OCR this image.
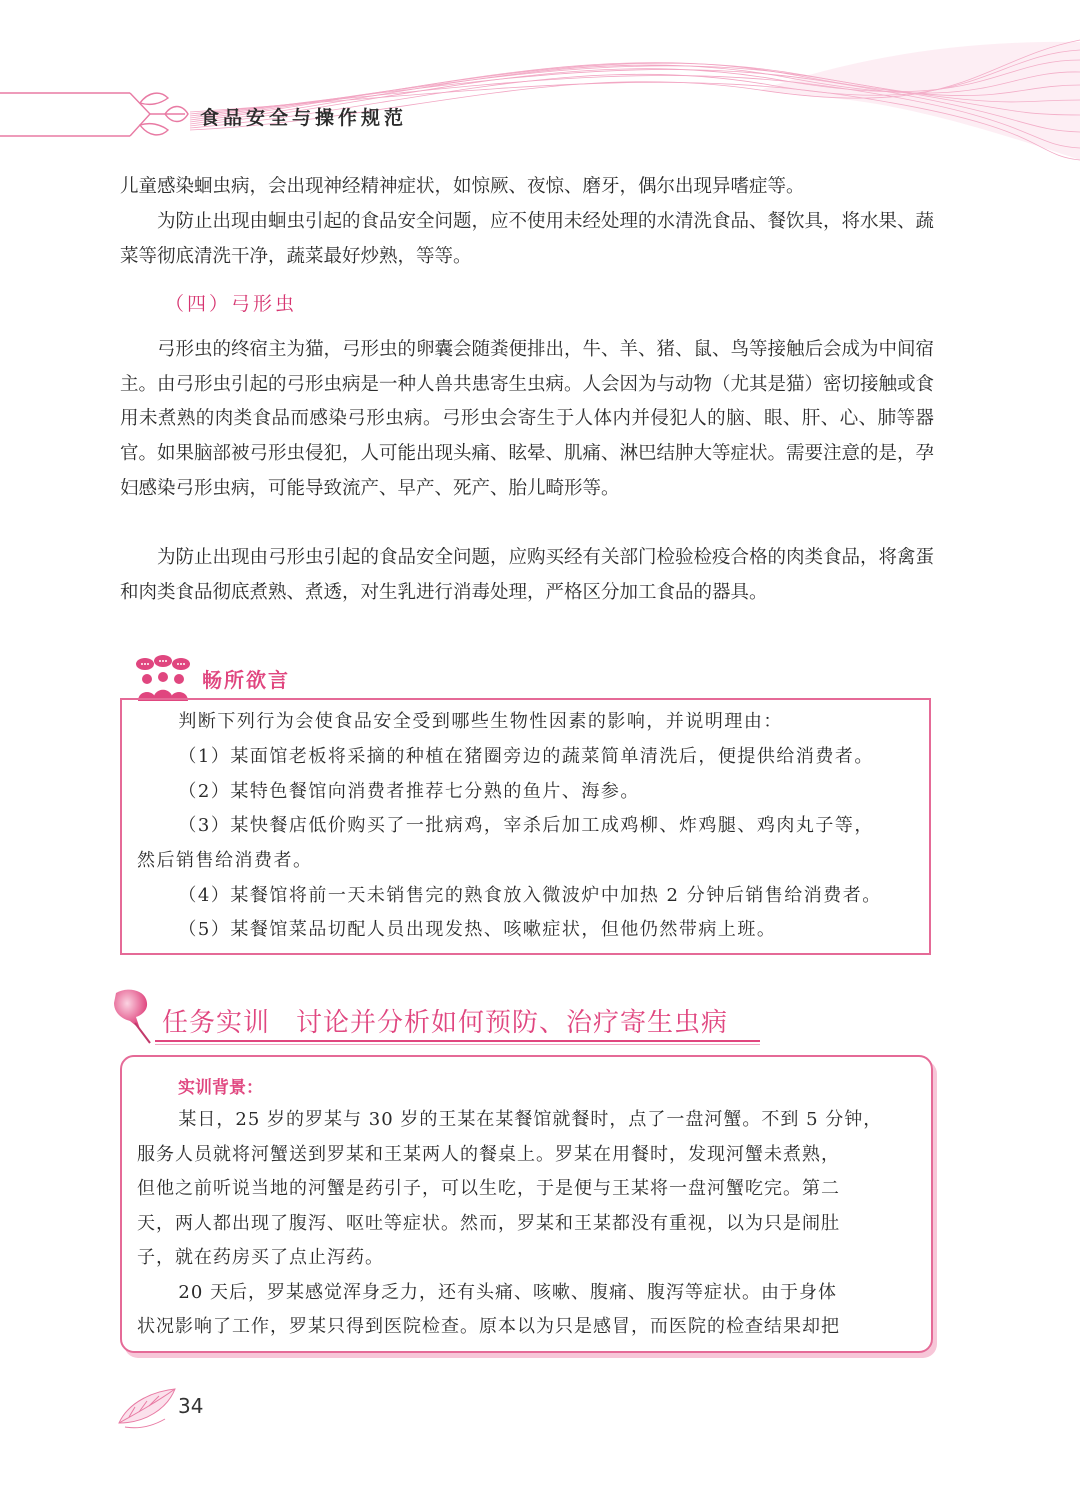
食品安全与操作规范

儿童感染蛔虫病，会出现神经精神症状，如惊厥、夜惊、磨牙，偶尔出现异嗜症等。

为防止出现由蛔虫引起的食品安全问题，应不使用未经处理的水清洗食品、餐饮具，将水果、蔬菜等彻底清洗干净，蔬菜最好炒熟，等等。

（四）弓形虫

弓形虫的终宿主为猫，弓形虫的卵囊会随粪便排出，牛、羊、猪、鼠、鸟等接触后会成为中间宿主。由弓形虫引起的弓形虫病是一种人兽共患寄生虫病。人会因为与动物（尤其是猫）密切接触或食用未煮熟的肉类食品而感染弓形虫病。弓形虫会寄生于人体内并侵犯人的脑、眼、肝、心、肺等器官。如果脑部被弓形虫侵犯，人可能出现头痛、眩晕、肌痛、淋巴结肿大等症状。需要注意的是，孕妇感染弓形虫病，可能导致流产、早产、死产、胎儿畸形等。

为防止出现由弓形虫引起的食品安全问题，应购买经有关部门检验检疫合格的肉类食品，将禽蛋和肉类食品彻底煮熟、煮透，对生乳进行消毒处理，严格区分加工食品的器具。

畅所欲言

判断下列行为会使食品安全受到哪些生物性因素的影响，并说明理由：

（1）某面馆老板将采摘的种植在猪圈旁边的蔬菜简单清洗后，便提供给消费者。

（2）某特色餐馆向消费者推荐七分熟的鱼片、海参。

（3）某快餐店低价购买了一批病鸡，宰杀后加工成鸡柳、炸鸡腿、鸡肉丸子等，

然后销售给消费者。

（4）某餐馆将前一天未销售完的熟食放入微波炉中加热 2 分钟后销售给消费者。

（5）某餐馆菜品切配人员出现发热、咳嗽症状，但他仍然带病上班。

任务实训 讨论并分析如何预防、治疗寄生虫病
实训背景：

某日，25 岁的罗某与 30 岁的王某在某餐馆就餐时，点了一盘河蟹。不到 5 分钟，

服务人员就将河蟹送到罗某和王某两人的餐桌上。罗某在用餐时，发现河蟹未煮熟，

但他之前听说当地的河蟹是药引子，可以生吃，于是便与王某将一盘河蟹吃完。第二

天，两人都出现了腹泻、呕吐等症状。然而，罗某和王某都没有重视，以为只是闹肚

子，就在药房买了点止泻药。

20 天后，罗某感觉浑身乏力，还有头痛、咳嗽、腹痛、腹泻等症状。由于身体

状况影响了工作，罗某只得到医院检查。原本以为只是感冒，而医院的检查结果却把

34
